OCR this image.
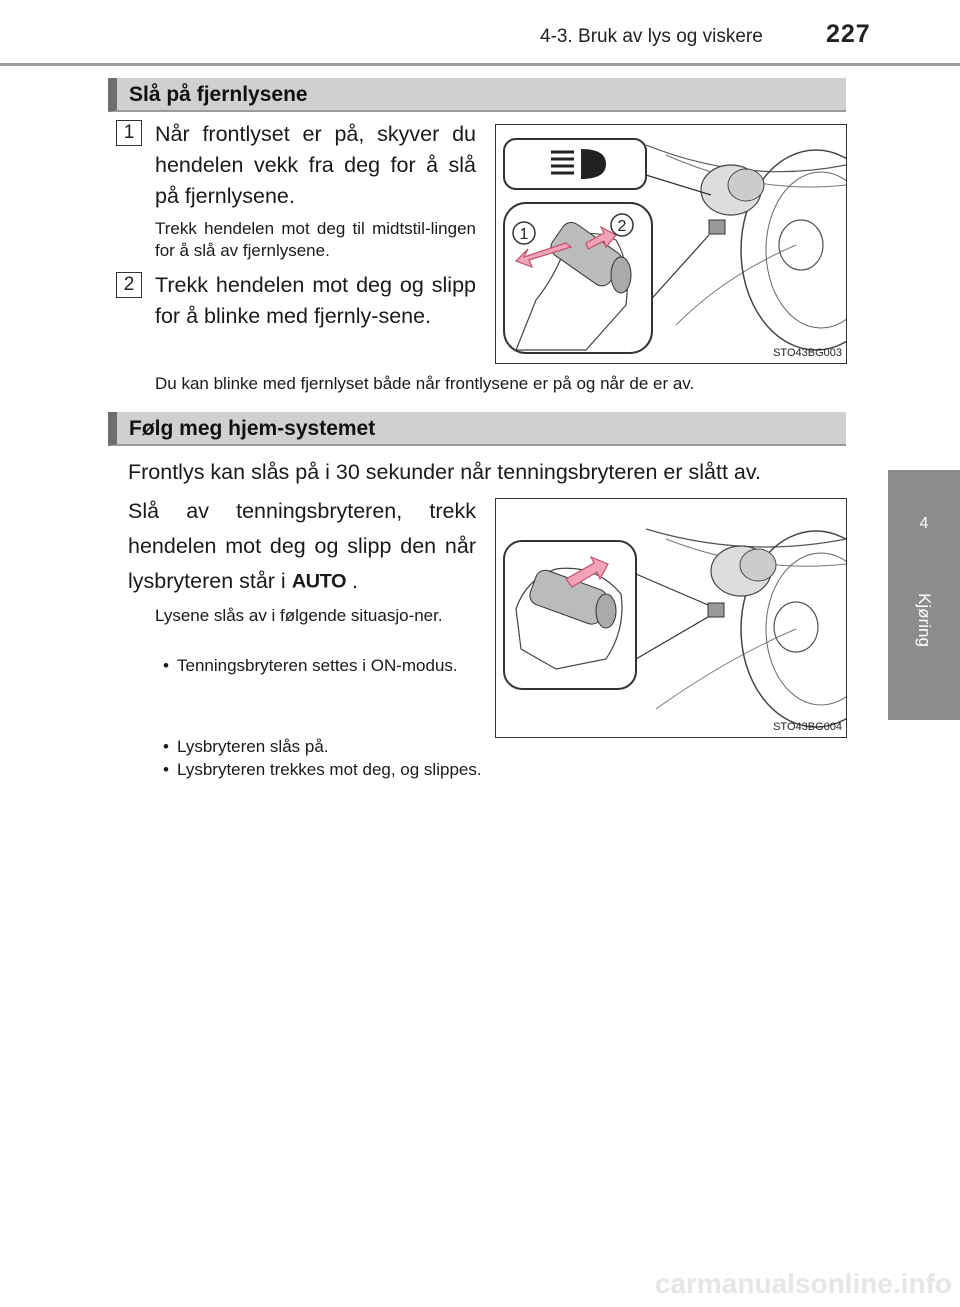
4-3. Bruk av lys og viskere	227
4
Kjøring
Slå på fjernlysene
1 Når frontlyset er på, skyver du hendelen vekk fra deg for å slå på fjernlysene.
Trekk hendelen mot deg til midtstil-lingen for å slå av fjernlysene.
2 Trekk hendelen mot deg og slipp for å blinke med fjernly-sene.
1	2
STO43BG003
Du kan blinke med fjernlyset både når frontlysene er på og når de er av.
Følg meg hjem-systemet
Frontlys kan slås på i 30 sekunder når tenningsbryteren er slått av.
Slå av tenningsbryteren, trekk hendelen mot deg og slipp den når lysbryteren står i AUTO .
Lysene slås av i følgende situasjo-ner.
• Tenningsbryteren settes i ON-modus.
• Lysbryteren slås på.
• Lysbryteren trekkes mot deg, og slippes.
STO43BG004
carmanualsonline.info
